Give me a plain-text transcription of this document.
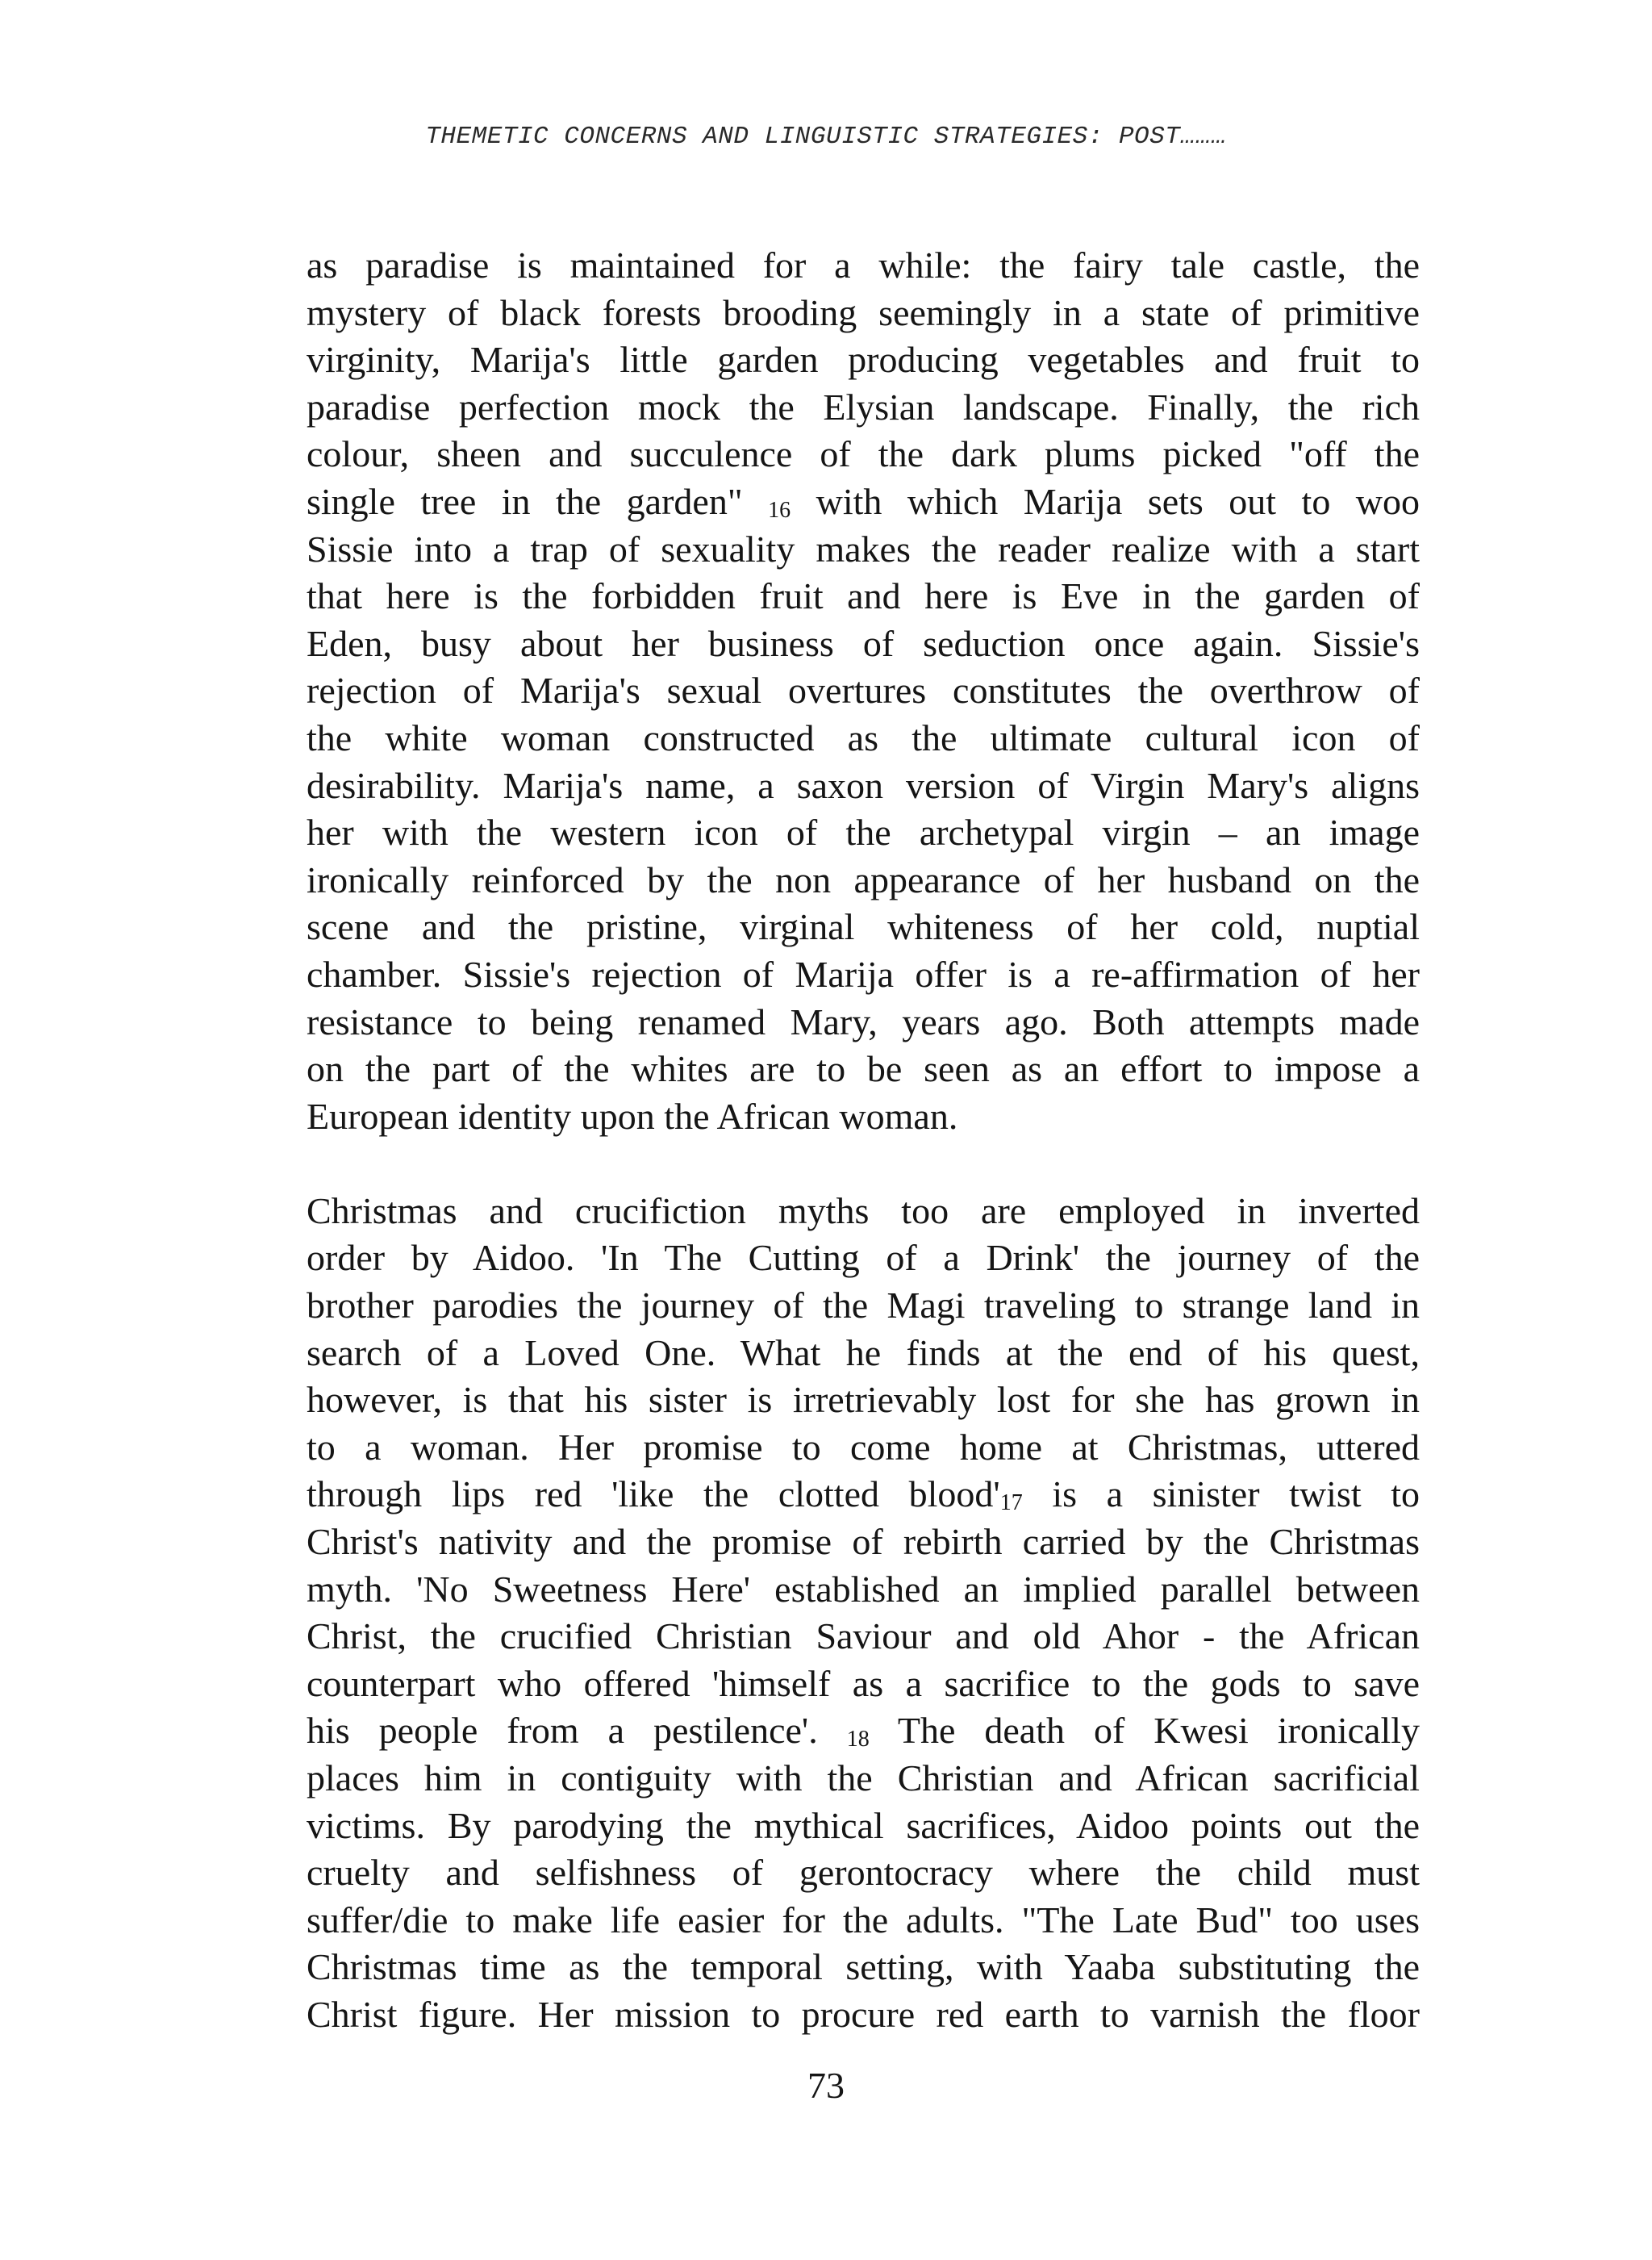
THEMETIC CONCERNS AND LINGUISTIC STRATEGIES: POST………
as paradise is maintained for a while: the fairy tale castle, the
mystery of black forests brooding seemingly in a state of primitive
virginity, Marija's little garden producing vegetables and fruit to
paradise perfection mock the Elysian landscape. Finally, the rich
colour, sheen and succulence of the dark plums picked "off the
single tree in the garden" $_{16}$ with which Marija sets out to woo
Sissie into a trap of sexuality makes the reader realize with a start
that here is the forbidden fruit and here is Eve in the garden of
Eden, busy about her business of seduction once again. Sissie's
rejection of Marija's sexual overtures constitutes the overthrow of
the white woman constructed as the ultimate cultural icon of
desirability. Marija's name, a saxon version of Virgin Mary's aligns
her with the western icon of the archetypal virgin – an image
ironically reinforced by the non appearance of her husband on the
scene and the pristine, virginal whiteness of her cold, nuptial
chamber. Sissie's rejection of Marija offer is a re-affirmation of her
resistance to being renamed Mary, years ago. Both attempts made
on the part of the whites are to be seen as an effort to impose a
European identity upon the African woman.
Christmas and crucifiction myths too are employed in inverted
order by Aidoo. 'In The Cutting of a Drink' the journey of the
brother parodies the journey of the Magi traveling to strange land in
search of a Loved One. What he finds at the end of his quest,
however, is that his sister is irretrievably lost for she has grown in
to a woman. Her promise to come home at Christmas, uttered
through lips red 'like the clotted $blood'_{17}$ is a sinister twist to
Christ's nativity and the promise of rebirth carried by the Christmas
myth. 'No Sweetness Here' established an implied parallel between
Christ, the crucified Christian Saviour and old Ahor - the African
counterpart who offered 'himself as a sacrifice to the gods to save
his people from a pestilence'. $_{18}$ The death of Kwesi ironically
places him in contiguity with the Christian and African sacrificial
victims. By parodying the mythical sacrifices, Aidoo points out the
cruelty and selfishness of gerontocracy where the child must
suffer/die to make life easier for the adults. "The Late Bud" too uses
Christmas time as the temporal setting, with Yaaba substituting the
Christ figure. Her mission to procure red earth to varnish the floor
73
